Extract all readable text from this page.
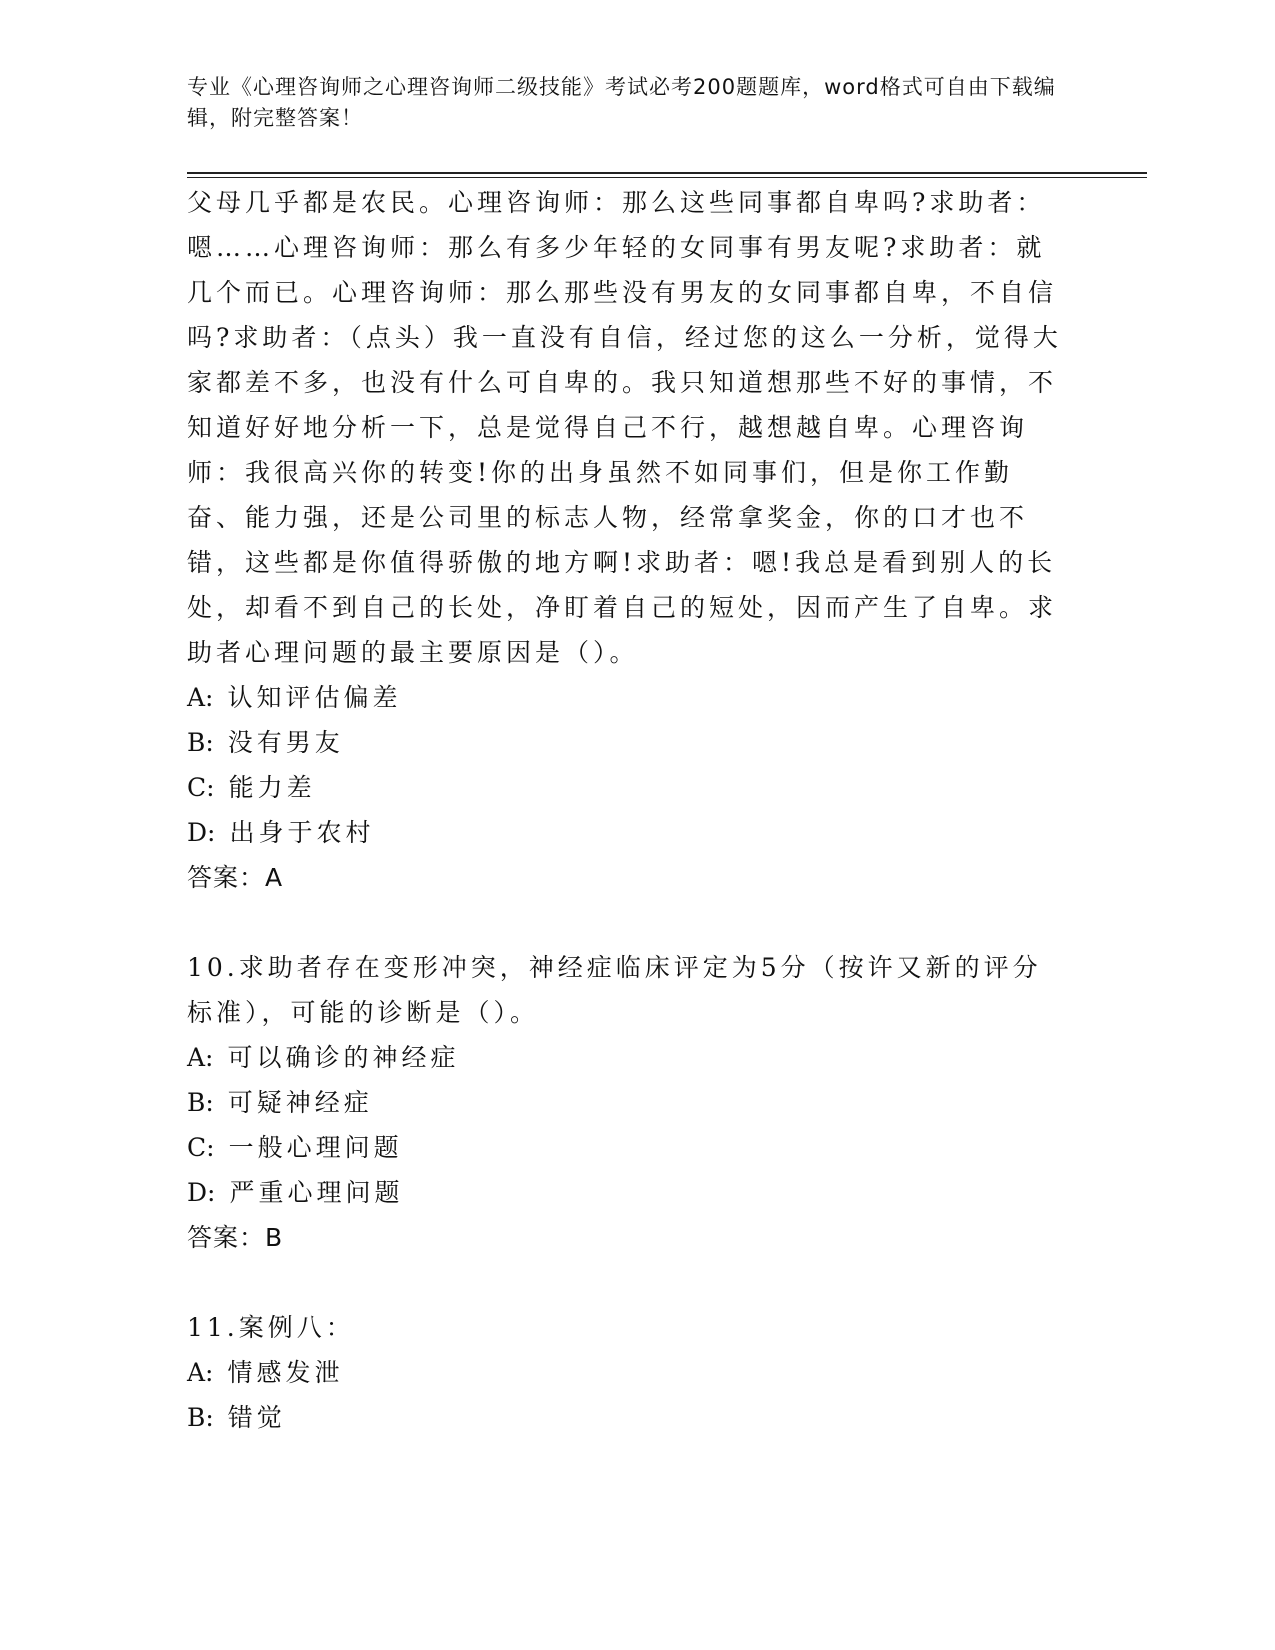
专业《心理咨询师之心理咨询师二级技能》考试必考200题题库，word格式可自由下载编辑，附完整答案！

父母几乎都是农民。心理咨询师：那么这些同事都自卑吗?求助者：嗯……心理咨询师：那么有多少年轻的女同事有男友呢?求助者：就几个而已。心理咨询师：那么那些没有男友的女同事都自卑，不自信吗?求助者：（点头）我一直没有自信，经过您的这么一分析，觉得大家都差不多，也没有什么可自卑的。我只知道想那些不好的事情，不知道好好地分析一下，总是觉得自己不行，越想越自卑。心理咨询师：我很高兴你的转变!你的出身虽然不如同事们，但是你工作勤奋、能力强，还是公司里的标志人物，经常拿奖金，你的口才也不错，这些都是你值得骄傲的地方啊!求助者：嗯!我总是看到别人的长处，却看不到自己的长处，净盯着自己的短处，因而产生了自卑。求助者心理问题的最主要原因是（）。

A: 认知评估偏差

B: 没有男友

C: 能力差

D: 出身于农村

答案：A

10.求助者存在变形冲突，神经症临床评定为5分（按许又新的评分标准），可能的诊断是（）。

A: 可以确诊的神经症

B: 可疑神经症

C: 一般心理问题

D: 严重心理问题

答案：B

11.案例八：

A: 情感发泄

B: 错觉
